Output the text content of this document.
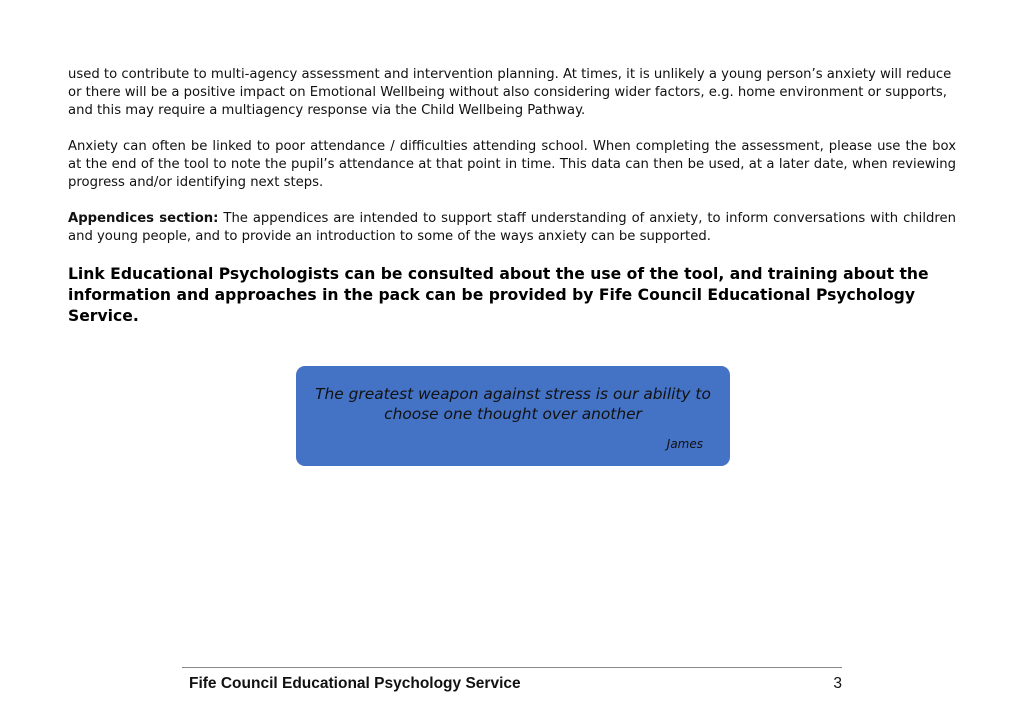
used to contribute to multi-agency assessment and intervention planning. At times, it is unlikely a young person’s anxiety will reduce or there will be a positive impact on Emotional Wellbeing without also considering wider factors, e.g. home environment or supports, and this may require a multiagency response via the Child Wellbeing Pathway.

Anxiety can often be linked to poor attendance / difficulties attending school. When completing the assessment, please use the box at the end of the tool to note the pupil’s attendance at that point in time. This data can then be used, at a later date, when reviewing progress and/or identifying next steps.

Appendices section: The appendices are intended to support staff understanding of anxiety, to inform conversations with children and young people, and to provide an introduction to some of the ways anxiety can be supported.

Link Educational Psychologists can be consulted about the use of the tool, and training about the information and approaches in the pack can be provided by Fife Council Educational Psychology Service.

The greatest weapon against stress is our ability to choose one thought over another

James
Fife Council Educational Psychology Service	3
